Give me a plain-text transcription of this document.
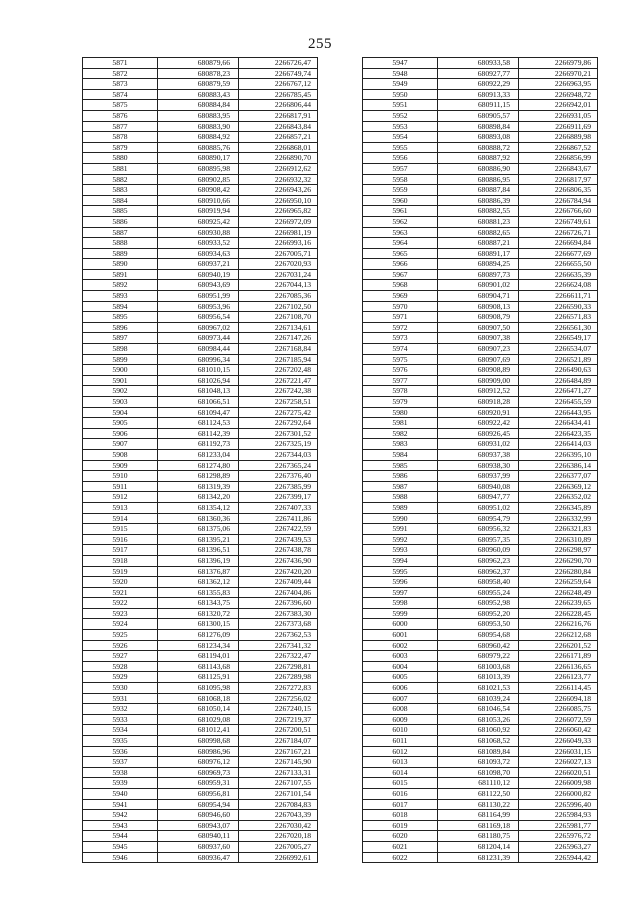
255
5871	680879,66	2266726,47
5872	680878,23	2266749,74
5873	680879,59	2266767,12
5874	680883,43	2266785,45
5875	680884,84	2266806,44
5876	680883,95	2266817,91
5877	680883,90	2266843,84
5878	680884,92	2266857,21
5879	680885,76	2266868,01
5880	680890,17	2266890,70
5881	680895,98	2266912,62
5882	680902,85	2266932,32
5883	680908,42	2266943,26
5884	680910,66	2266950,10
5885	680919,94	2266965,82
5886	680925,42	2266972,09
5887	680930,88	2266981,19
5888	680933,52	2266993,16
5889	680934,63	2267005,71
5890	680937,21	2267020,93
5891	680940,19	2267031,24
5892	680943,69	2267044,13
5893	680951,99	2267085,36
5894	680953,96	2267102,50
5895	680956,54	2267108,70
5896	680967,02	2267134,61
5897	680973,44	2267147,26
5898	680984,44	2267168,84
5899	680996,34	2267185,94
5900	681010,15	2267202,48
5901	681026,94	2267221,47
5902	681048,13	2267242,38
5903	681066,51	2267258,51
5904	681094,47	2267275,42
5905	681124,53	2267292,64
5906	681142,39	2267301,52
5907	681192,73	2267325,19
5908	681233,04	2267344,03
5909	681274,80	2267365,24
5910	681298,89	2267376,40
5911	681319,39	2267385,99
5912	681342,20	2267399,17
5913	681354,12	2267407,33
5914	681360,36	2267411,86
5915	681375,06	2267422,59
5916	681395,21	2267439,53
5917	681396,51	2267438,78
5918	681396,19	2267436,90
5919	681376,87	2267420,20
5920	681362,12	2267409,44
5921	681355,83	2267404,86
5922	681343,75	2267396,60
5923	681320,72	2267383,30
5924	681300,15	2267373,68
5925	681276,09	2267362,53
5926	681234,34	2267341,32
5927	681194,01	2267322,47
5928	681143,68	2267298,81
5929	681125,91	2267289,98
5930	681095,98	2267272,83
5931	681068,18	2267256,02
5932	681050,14	2267240,15
5933	681029,08	2267219,37
5934	681012,41	2267200,51
5935	680998,68	2267184,07
5936	680986,96	2267167,21
5937	680976,12	2267145,90
5938	680969,73	2267133,31
5939	680959,31	2267107,55
5940	680956,81	2267101,54
5941	680954,94	2267084,83
5942	680946,60	2267043,39
5943	680943,07	2267030,42
5944	680940,11	2267020,18
5945	680937,60	2267005,27
5946	680936,47	2266992,61
5947	680933,58	2266979,86
5948	680927,77	2266970,21
5949	680922,29	2266963,95
5950	680913,33	2266948,72
5951	680911,15	2266942,01
5952	680905,57	2266931,05
5953	680898,84	2266911,69
5954	680893,08	2266889,98
5955	680888,72	2266867,52
5956	680887,92	2266856,99
5957	680886,90	2266843,67
5958	680886,95	2266817,97
5959	680887,84	2266806,35
5960	680886,39	2266784,94
5961	680882,55	2266766,60
5962	680881,23	2266749,61
5963	680882,65	2266726,71
5964	680887,21	2266694,84
5965	680891,17	2266677,69
5966	680894,25	2266655,50
5967	680897,73	2266635,39
5968	680901,02	2266624,08
5969	680904,71	2266611,71
5970	680908,13	2266590,33
5971	680908,79	2266571,83
5972	680907,50	2266561,30
5973	680907,38	2266549,17
5974	680907,23	2266534,07
5975	680907,69	2266521,89
5976	680908,89	2266490,63
5977	680909,00	2266484,89
5978	680912,52	2266471,27
5979	680918,28	2266455,59
5980	680920,91	2266443,95
5981	680922,42	2266434,41
5982	680926,45	2266423,35
5983	680931,02	2266414,03
5984	680937,38	2266395,10
5985	680938,30	2266386,14
5986	680937,99	2266377,07
5987	680940,08	2266369,12
5988	680947,77	2266352,02
5989	680951,02	2266345,89
5990	680954,79	2266332,99
5991	680956,32	2266321,83
5992	680957,35	2266310,89
5993	680960,09	2266298,97
5994	680962,23	2266290,70
5995	680962,37	2266280,84
5996	680958,40	2266259,64
5997	680955,24	2266248,49
5998	680952,98	2266239,65
5999	680952,20	2266228,45
6000	680953,50	2266216,76
6001	680954,68	2266212,68
6002	680960,42	2266201,52
6003	680979,22	2266171,89
6004	681003,68	2266136,65
6005	681013,39	2266123,77
6006	681021,53	2266114,45
6007	681039,24	2266094,18
6008	681046,54	2266085,75
6009	681053,26	2266072,59
6010	681060,92	2266060,42
6011	681068,52	2266049,33
6012	681089,84	2266031,15
6013	681093,72	2266027,13
6014	681098,70	2266020,51
6015	681110,12	2266009,98
6016	681122,50	2266000,82
6017	681130,22	2265996,40
6018	681164,99	2265984,93
6019	681169,18	2265981,77
6020	681180,75	2265976,72
6021	681204,14	2265963,27
6022	681231,39	2265944,42
